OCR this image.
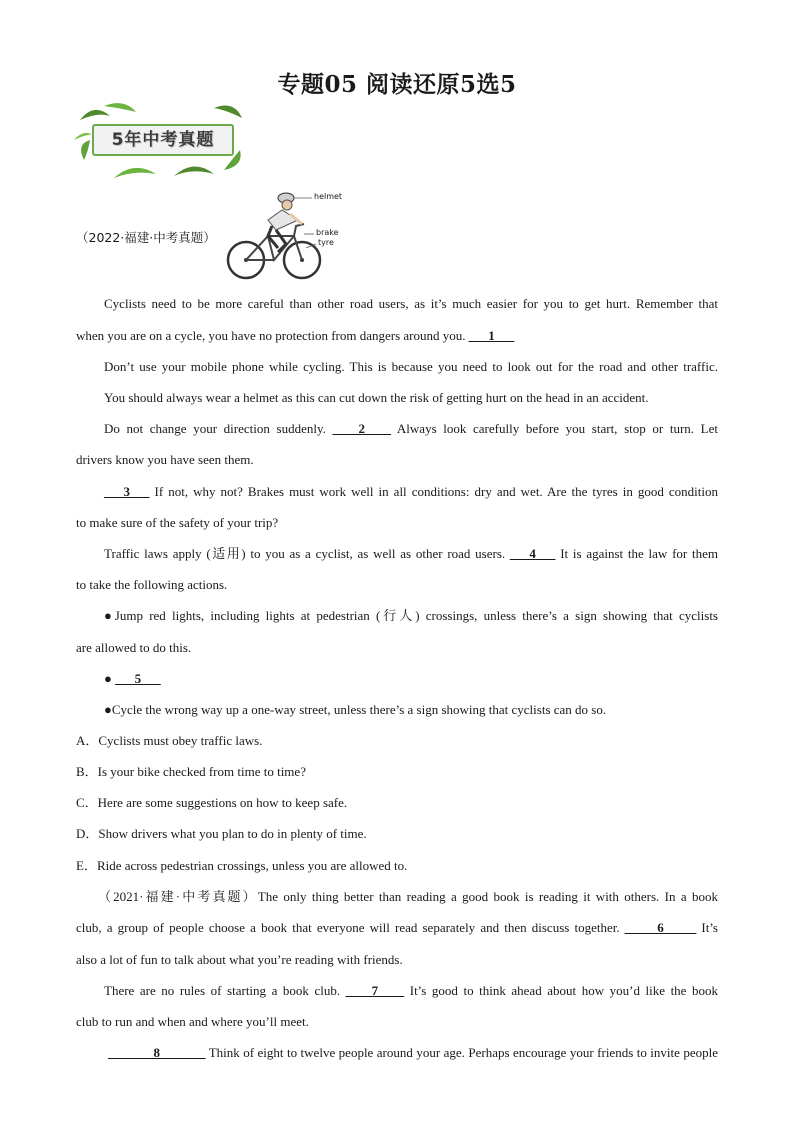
专题05 阅读还原5选5
5年中考真题
（2022·福建·中考真题）
helmet
brake
tyre
Cyclists need to be more careful than other road users, as it’s much easier for you to get hurt. Remember that
when you are on a cycle, you have no protection from dangers around you. ___1___
Don’t use your mobile phone while cycling. This is because you need to look out for the road and other traffic.
You should always wear a helmet as this can cut down the risk of getting hurt on the head in an accident.
Do not change your direction suddenly. ____2____ Always look carefully before you start, stop or turn. Let
drivers know you have seen them.
___3___ If not, why not? Brakes must work well in all conditions: dry and wet. Are the tyres in good condition
to make sure of the safety of your trip?
Traffic laws apply (适用) to you as a cyclist, as well as other road users. ___4___ It is against the law for them
to take the following actions.
●Jump red lights, including lights at pedestrian (行人) crossings, unless there’s a sign showing that cyclists
are allowed to do this.
● ___5___
●Cycle the wrong way up a one-way street, unless there’s a sign showing that cyclists can do so.
A．Cyclists must obey traffic laws.
B．Is your bike checked from time to time?
C．Here are some suggestions on how to keep safe.
D．Show drivers what you plan to do in plenty of time.
E．Ride across pedestrian crossings, unless you are allowed to.
（2021·福建·中考真题）The only thing better than reading a good book is reading it with others. In a book
club, a group of people choose a book that everyone will read separately and then discuss together. _____6_____ It’s
also a lot of fun to talk about what you’re reading with friends.
There are no rules of starting a book club. ____7____ It’s good to think ahead about how you’d like the book
club to run and when and where you’ll meet.
_______8_______ Think of eight to twelve people around your age. Perhaps encourage your friends to invite people
